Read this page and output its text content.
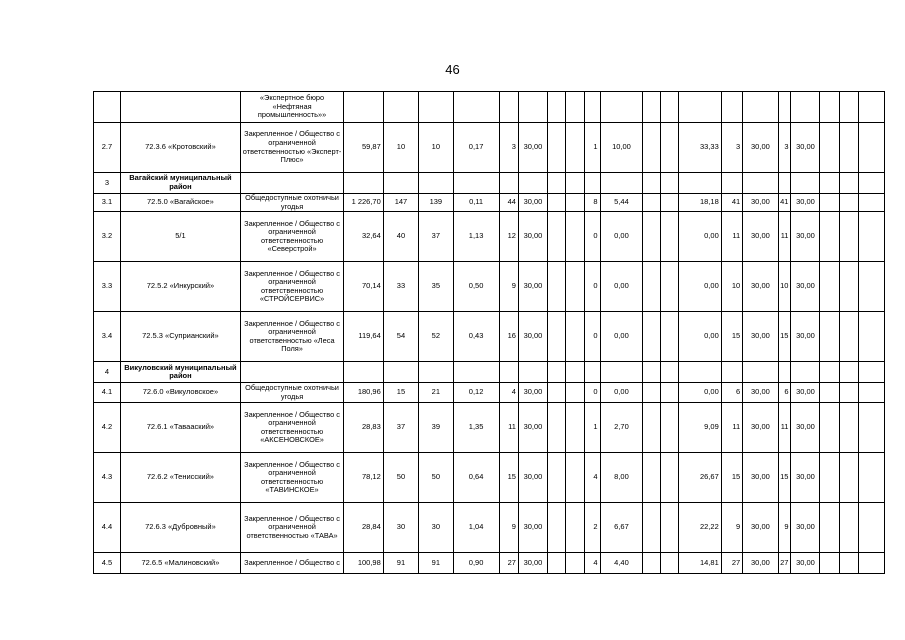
46
		«Экспертное бюро «Нефтяная промышленность»»																				
2.7	72.3.6 «Кротовский»	Закрепленное / Общество с ограниченной ответственностью «Эксперт-Плюс»	59,87	10	10	0,17	3	30,00			1	10,00			33,33	3	30,00	3	30,00			
3	Вагайский муниципальный район																					
3.1	72.5.0 «Вагайское»	Общедоступные охотничьи угодья	1 226,70	147	139	0,11	44	30,00			8	5,44			18,18	41	30,00	41	30,00			
3.2	5/1	Закрепленное / Общество с ограниченной ответственностью «Северстрой»	32,64	40	37	1,13	12	30,00			0	0,00			0,00	11	30,00	11	30,00			
3.3	72.5.2 «Инкурский»	Закрепленное / Общество с ограниченной ответственностью «СТРОЙСЕРВИС»	70,14	33	35	0,50	9	30,00			0	0,00			0,00	10	30,00	10	30,00			
3.4	72.5.3 «Суприанский»	Закрепленное / Общество с ограниченной ответственностью «Леса Поля»	119,64	54	52	0,43	16	30,00			0	0,00			0,00	15	30,00	15	30,00			
4	Викуловский муниципальный район																					
4.1	72.6.0 «Викуловское»	Общедоступные охотничьи угодья	180,96	15	21	0,12	4	30,00			0	0,00			0,00	6	30,00	6	30,00			
4.2	72.6.1 «Тавааский»	Закрепленное / Общество с ограниченной ответственностью «АКСЕНОВСКОЕ»	28,83	37	39	1,35	11	30,00			1	2,70			9,09	11	30,00	11	30,00			
4.3	72.6.2 «Тенисский»	Закрепленное / Общество с ограниченной ответственностью «ТАВИНСКОЕ»	78,12	50	50	0,64	15	30,00			4	8,00			26,67	15	30,00	15	30,00			
4.4	72.6.3 «Дубровный»	Закрепленное / Общество с ограниченной ответственностью «ТАВА»	28,84	30	30	1,04	9	30,00			2	6,67			22,22	9	30,00	9	30,00			
4.5	72.6.5 «Малиновский»	Закрепленное / Общество с	100,98	91	91	0,90	27	30,00			4	4,40			14,81	27	30,00	27	30,00			
